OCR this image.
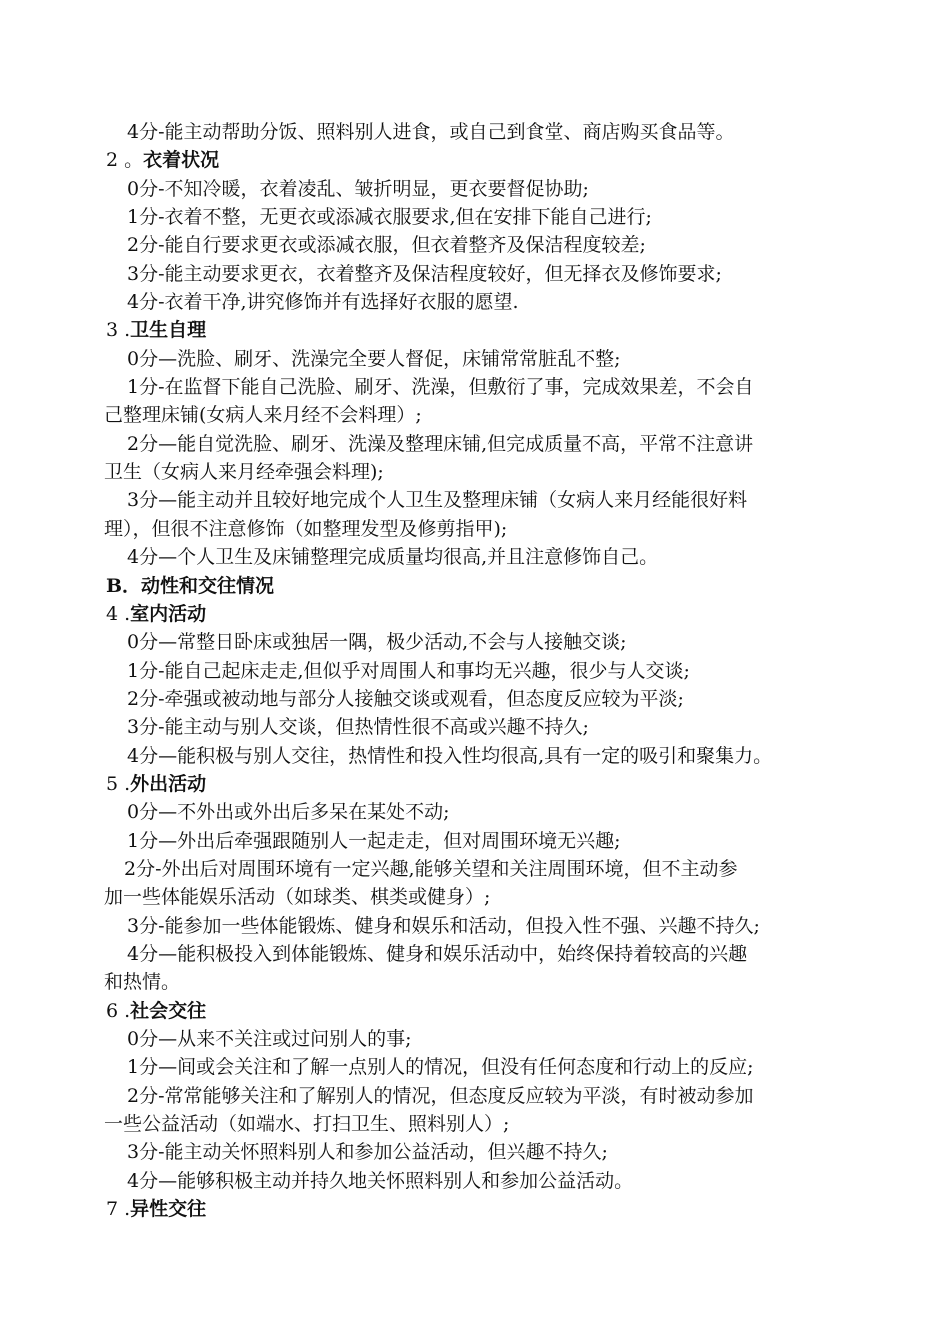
4分-能主动帮助分饭、照料别人进食，或自己到食堂、商店购买食品等。
2 。衣着状况
0分-不知冷暖，衣着凌乱、皱折明显，更衣要督促协助;
1分-衣着不整，无更衣或添减衣服要求,但在安排下能自己进行;
2分-能自行要求更衣或添减衣服，但衣着整齐及保洁程度较差;
3分-能主动要求更衣，衣着整齐及保洁程度较好，但无择衣及修饰要求;
4分-衣着干净,讲究修饰并有选择好衣服的愿望.
3 .卫生自理
0分—洗脸、刷牙、洗澡完全要人督促，床铺常常脏乱不整;
1分-在监督下能自己洗脸、刷牙、洗澡，但敷衍了事，完成效果差，不会自
己整理床铺(女病人来月经不会料理）;
2分—能自觉洗脸、刷牙、洗澡及整理床铺,但完成质量不高，平常不注意讲
卫生（女病人来月经牵强会料理);
3分—能主动并且较好地完成个人卫生及整理床铺（女病人来月经能很好料
理），但很不注意修饰（如整理发型及修剪指甲);
4分—个人卫生及床铺整理完成质量均很高,并且注意修饰自己。
B．动性和交往情况
4 .室内活动
0分—常整日卧床或独居一隅，极少活动,不会与人接触交谈;
1分-能自己起床走走,但似乎对周围人和事均无兴趣，很少与人交谈;
2分-牵强或被动地与部分人接触交谈或观看，但态度反应较为平淡;
3分-能主动与别人交谈，但热情性很不高或兴趣不持久;
4分—能积极与别人交往，热情性和投入性均很高,具有一定的吸引和聚集力。
5 .外出活动
0分—不外出或外出后多呆在某处不动;
1分—外出后牵强跟随别人一起走走，但对周围环境无兴趣;
2分-外出后对周围环境有一定兴趣,能够关望和关注周围环境，但不主动参
加一些体能娱乐活动（如球类、棋类或健身）;
3分-能参加一些体能锻炼、健身和娱乐和活动，但投入性不强、兴趣不持久;
4分—能积极投入到体能锻炼、健身和娱乐活动中，始终保持着较高的兴趣
和热情。
6 .社会交往
0分—从来不关注或过问别人的事;
1分—间或会关注和了解一点别人的情况，但没有任何态度和行动上的反应;
2分-常常能够关注和了解别人的情况，但态度反应较为平淡，有时被动参加
一些公益活动（如端水、打扫卫生、照料别人）;
3分-能主动关怀照料别人和参加公益活动，但兴趣不持久;
4分—能够积极主动并持久地关怀照料别人和参加公益活动。
7 .异性交往
